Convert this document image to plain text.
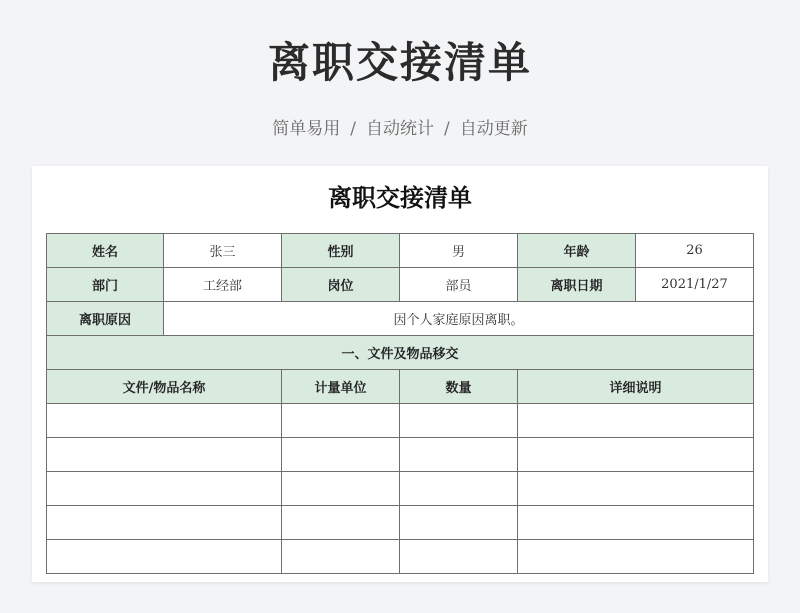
离职交接清单
简单易用 / 自动统计 / 自动更新
离职交接清单
姓名	张三	性别	男	年龄	26
部门	工经部	岗位	部员	离职日期	2021/1/27
离职原因	因个人家庭原因离职。				
一、文件及物品移交					
文件/物品名称		计量单位	数量	详细说明	
